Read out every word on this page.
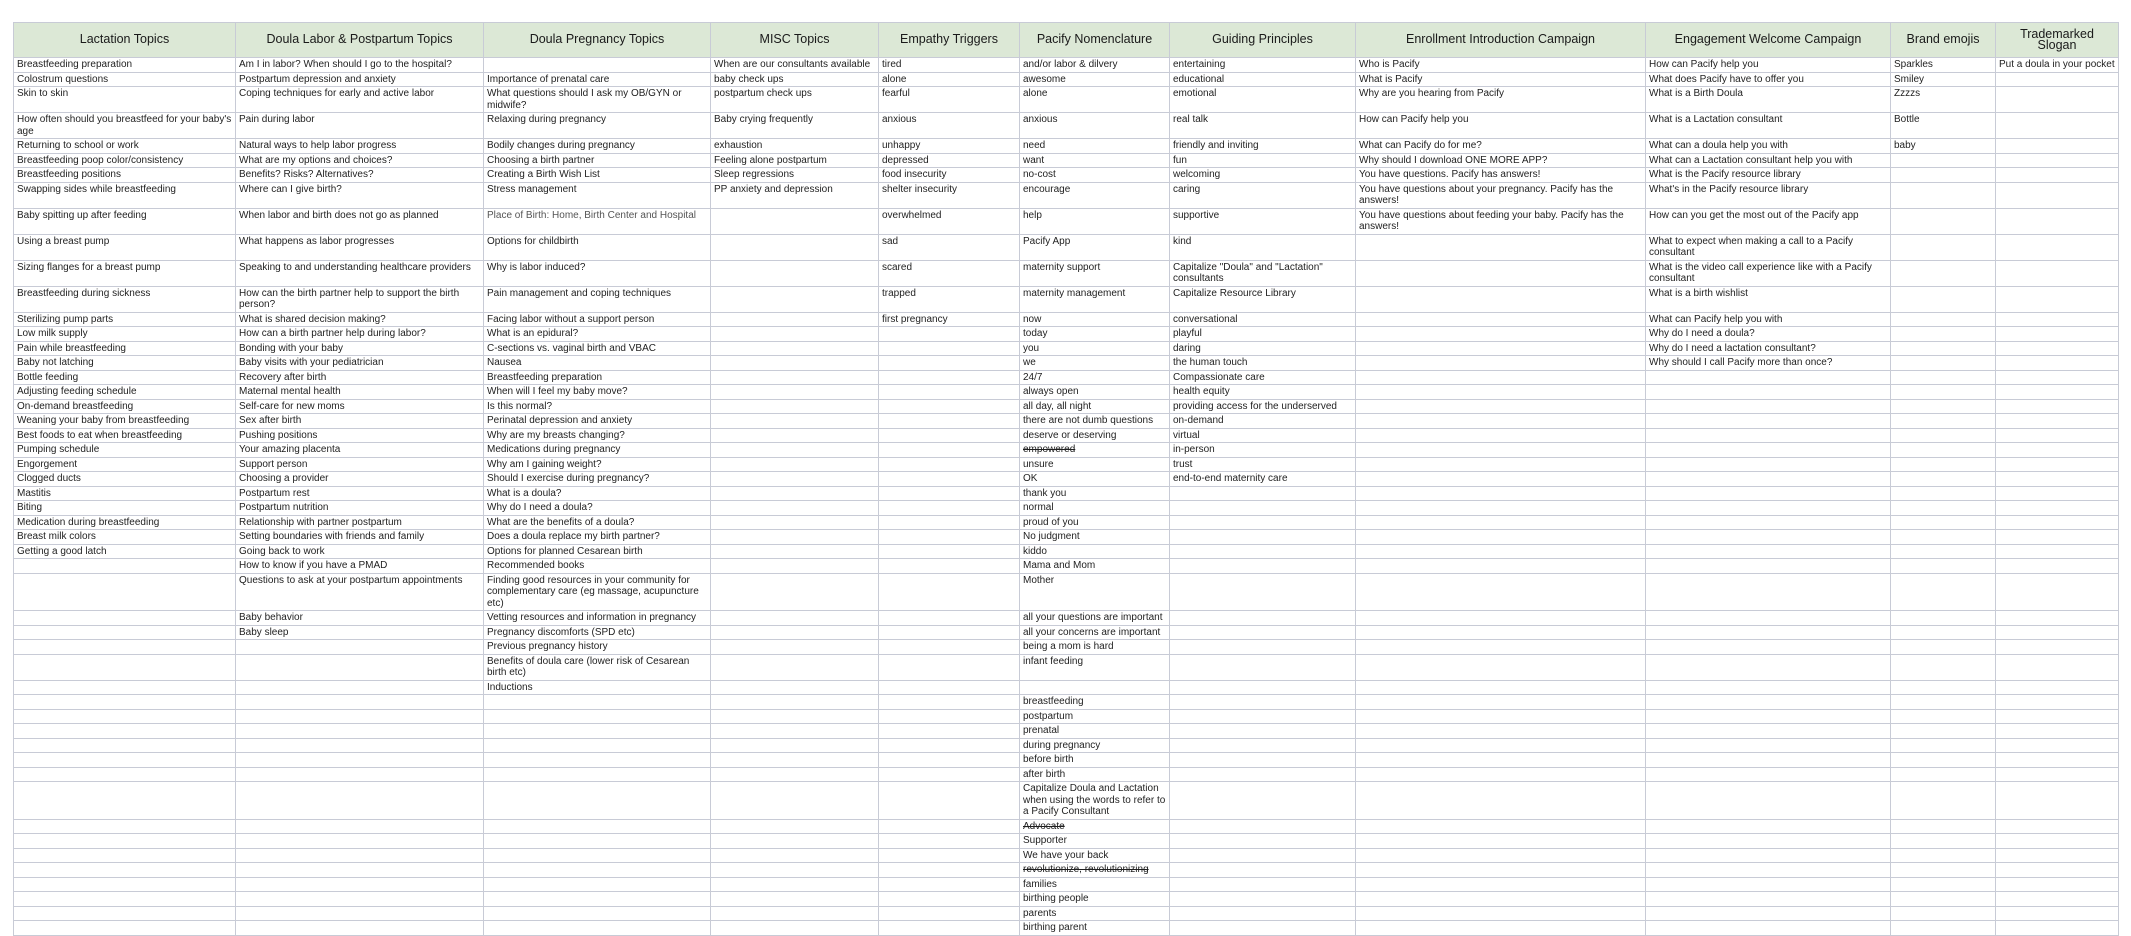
Lactation Topics	Doula Labor & Postpartum Topics	Doula Pregnancy Topics	MISC Topics	Empathy Triggers	Pacify Nomenclature	Guiding Principles	Enrollment Introduction Campaign	Engagement Welcome Campaign	Brand emojis	Trademarked Slogan
Breastfeeding preparation	Am I in labor? When should I go to the hospital?		When are our consultants available	tired	and/or labor & dilvery	entertaining	Who is Pacify	How can Pacify help you	Sparkles	Put a doula in your pocket
Colostrum questions	Postpartum depression and anxiety	Importance of prenatal care	baby check ups	alone	awesome	educational	What is Pacify	What does Pacify have to offer you	Smiley	
Skin to skin	Coping techniques for early and active labor	What questions should I ask my OB/GYN or midwife?	postpartum check ups	fearful	alone	emotional	Why are you hearing from Pacify	What is a Birth Doula	Zzzzs	
How often should you breastfeed for your baby's age	Pain during labor	Relaxing during pregnancy	Baby crying frequently	anxious	anxious	real talk	How can Pacify help you	What is a Lactation consultant	Bottle	
Returning to school or work	Natural ways to help labor progress	Bodily changes during pregnancy	exhaustion	unhappy	need	friendly and inviting	What can Pacify do for me?	What can a doula help you with	baby	
Breastfeeding poop color/consistency	What are my options and choices?	Choosing a birth partner	Feeling alone postpartum	depressed	want	fun	Why should I download ONE MORE APP?	What can a Lactation consultant help you with		
Breastfeeding positions	Benefits? Risks? Alternatives?	Creating a Birth Wish List	Sleep regressions	food insecurity	no-cost	welcoming	You have questions. Pacify has answers!	What is the Pacify resource library		
Swapping sides while breastfeeding	Where can I give birth?	Stress management	PP anxiety and depression	shelter insecurity	encourage	caring	You have questions about your pregnancy. Pacify has the answers!	What's in the Pacify resource library		
Baby spitting up after feeding	When labor and birth does not go as planned	Place of Birth: Home, Birth Center and Hospital		overwhelmed	help	supportive	You have questions about feeding your baby. Pacify has the answers!	How can you get the most out of the Pacify app		
Using a breast pump	What happens as labor progresses	Options for childbirth		sad	Pacify App	kind		What to expect when making a call to a Pacify consultant		
Sizing flanges for a breast pump	Speaking to and understanding healthcare providers	Why is labor induced?		scared	maternity support	Capitalize "Doula" and "Lactation" consultants		What is the video call experience like with a Pacify consultant		
Breastfeeding during sickness	How can the birth partner help to support the birth person?	Pain management and coping techniques		trapped	maternity management	Capitalize Resource Library		What is a birth wishlist		
Sterilizing pump parts	What is shared decision making?	Facing labor without a support person		first pregnancy	now	conversational		What can Pacify help you with		
Low milk supply	How can a birth partner help during labor?	What is an epidural?			today	playful		Why do I need a doula?		
Pain while breastfeeding	Bonding with your baby	C-sections vs. vaginal birth and VBAC			you	daring		Why do I need a lactation consultant?		
Baby not latching	Baby visits with your pediatrician	Nausea			we	the human touch		Why should I call Pacify more than once?		
Bottle feeding	Recovery after birth	Breastfeeding preparation			24/7	Compassionate care				
Adjusting feeding schedule	Maternal mental health	When will I feel my baby move?			always open	health equity				
On-demand breastfeeding	Self-care for new moms	Is this normal?			all day, all night	providing access for the underserved				
Weaning your baby from breastfeeding	Sex after birth	Perinatal depression and anxiety			there are not dumb questions	on-demand				
Best foods to eat when breastfeeding	Pushing positions	Why are my breasts changing?			deserve or deserving	virtual				
Pumping schedule	Your amazing placenta	Medications during pregnancy			empowered	in-person				
Engorgement	Support person	Why am I gaining weight?			unsure	trust				
Clogged ducts	Choosing a provider	Should I exercise during pregnancy?			OK	end-to-end maternity care				
Mastitis	Postpartum rest	What is a doula?			thank you					
Biting	Postpartum nutrition	Why do I need a doula?			normal					
Medication during breastfeeding	Relationship with partner postpartum	What are the benefits of a doula?			proud of you					
Breast milk colors	Setting boundaries with friends and family	Does a doula replace my birth partner?			No judgment					
Getting a good latch	Going back to work	Options for planned Cesarean birth			kiddo					
	How to know if you have a PMAD	Recommended books			Mama and Mom					
	Questions to ask at your postpartum appointments	Finding good resources in your community for complementary care (eg massage, acupuncture etc)			Mother					
	Baby behavior	Vetting resources and information in pregnancy			all your questions are important					
	Baby sleep	Pregnancy discomforts (SPD etc)			all your concerns are important					
		Previous pregnancy history			being a mom is hard					
		Benefits of doula care (lower risk of Cesarean birth etc)			infant feeding					
		Inductions								
					breastfeeding					
					postpartum					
					prenatal					
					during pregnancy					
					before birth					
					after birth					
					Capitalize Doula and Lactation when using the words to refer to a Pacify Consultant					
					Advocate					
					Supporter					
					We have your back					
					revolutionize, revolutionizing					
					families					
					birthing people					
					parents					
					birthing parent					
